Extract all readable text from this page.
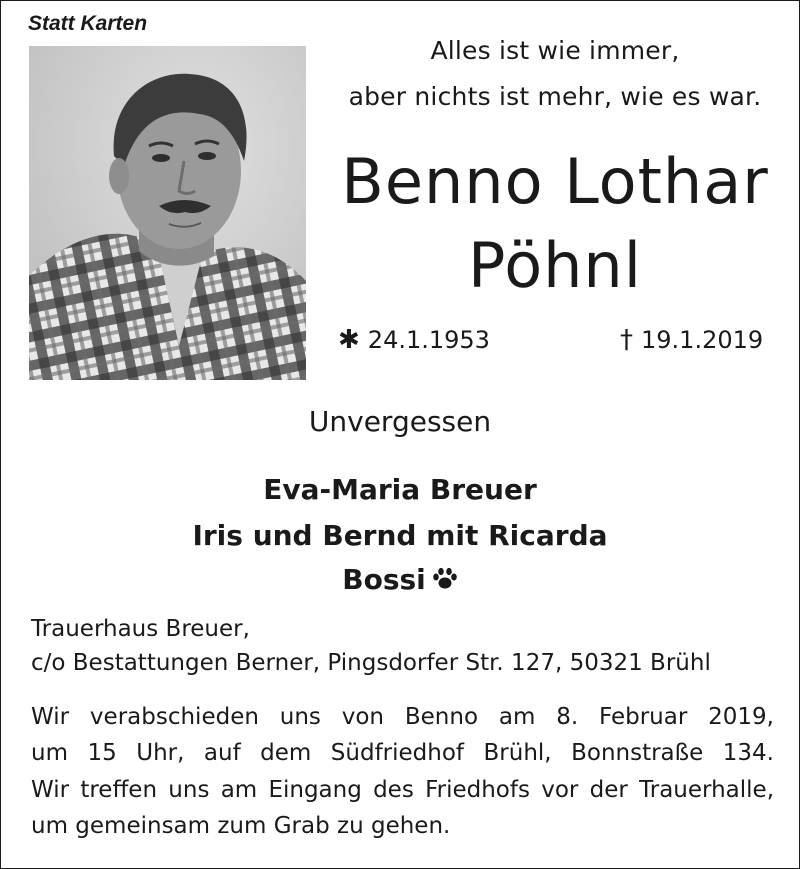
Statt Karten
Alles ist wie immer,
aber nichts ist mehr, wie es war.
Benno Lothar
Pöhnl
✱ 24.1.1953	† 19.1.2019
Unvergessen
Eva-Maria Breuer
Iris und Bernd mit Ricarda
Bossi
Trauerhaus Breuer,
c/o Bestattungen Berner, Pingsdorfer Str. 127, 50321 Brühl
Wir verabschieden uns von Benno am 8. Februar 2019,
um 15 Uhr, auf dem Südfriedhof Brühl, Bonnstraße 134.
Wir treffen uns am Eingang des Friedhofs vor der Trauerhalle,
um gemeinsam zum Grab zu gehen.
